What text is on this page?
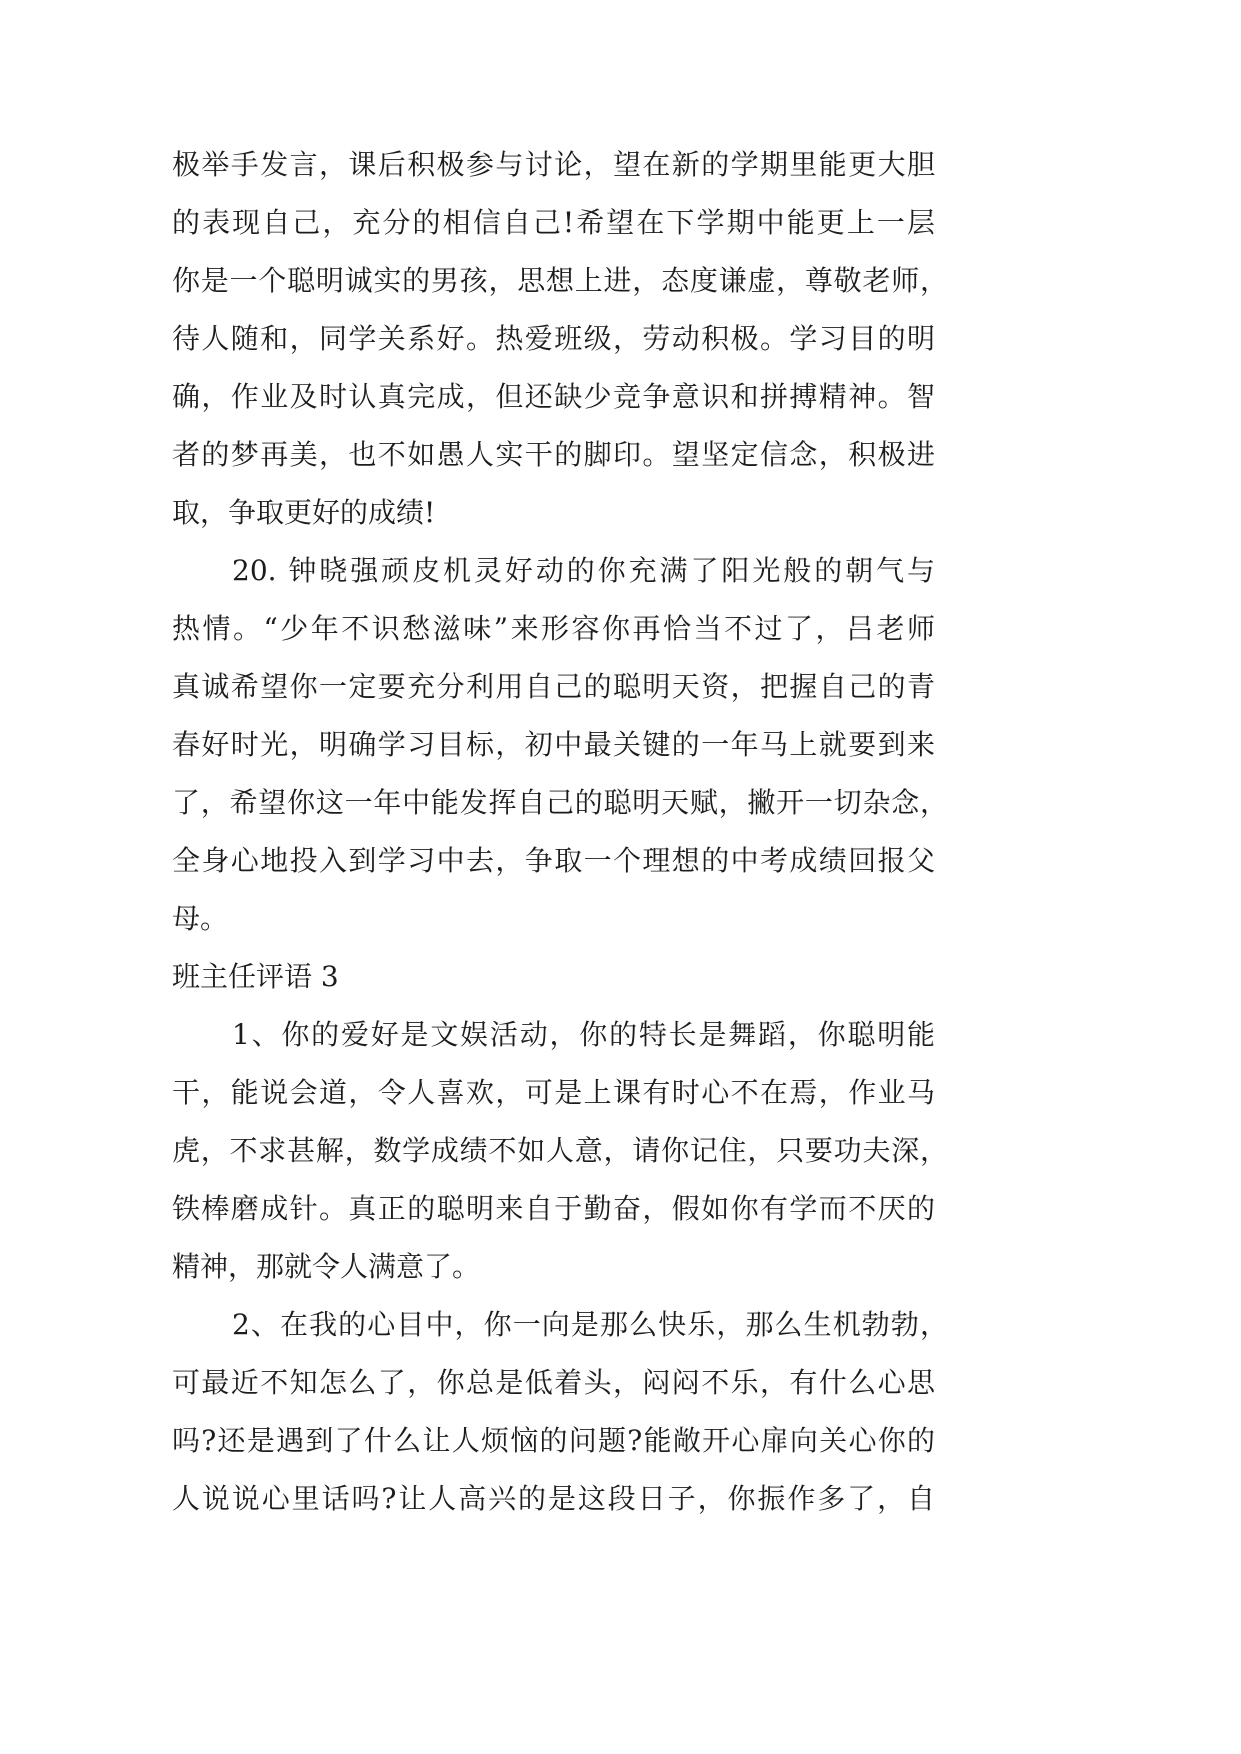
极举手发言，课后积极参与讨论，望在新的学期里能更大胆
的表现自己，充分的相信自己!希望在下学期中能更上一层
你是一个聪明诚实的男孩，思想上进，态度谦虚，尊敬老师，
待人随和，同学关系好。热爱班级，劳动积极。学习目的明
确，作业及时认真完成，但还缺少竞争意识和拼搏精神。智
者的梦再美，也不如愚人实干的脚印。望坚定信念，积极进
取，争取更好的成绩!
20. 钟晓强顽皮机灵好动的你充满了阳光般的朝气与
热情。“少年不识愁滋味”来形容你再恰当不过了，吕老师
真诚希望你一定要充分利用自己的聪明天资，把握自己的青
春好时光，明确学习目标，初中最关键的一年马上就要到来
了，希望你这一年中能发挥自己的聪明天赋，撇开一切杂念，
全身心地投入到学习中去，争取一个理想的中考成绩回报父
母。
班主任评语 3
1、你的爱好是文娱活动，你的特长是舞蹈，你聪明能
干，能说会道，令人喜欢，可是上课有时心不在焉，作业马
虎，不求甚解，数学成绩不如人意，请你记住，只要功夫深，
铁棒磨成针。真正的聪明来自于勤奋，假如你有学而不厌的
精神，那就令人满意了。
2、在我的心目中，你一向是那么快乐，那么生机勃勃，
可最近不知怎么了，你总是低着头，闷闷不乐，有什么心思
吗?还是遇到了什么让人烦恼的问题?能敞开心扉向关心你的
人说说心里话吗?让人高兴的是这段日子，你振作多了，自
